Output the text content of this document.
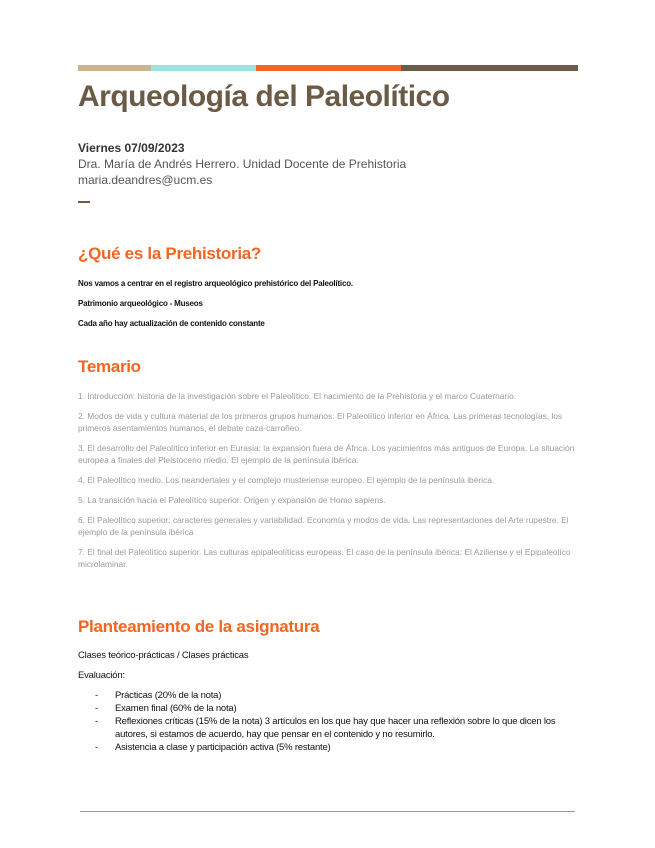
Arqueología del Paleolítico
Viernes 07/09/2023
Dra. María de Andrés Herrero. Unidad Docente de Prehistoria
maria.deandres@ucm.es
¿Qué es la Prehistoria?
Nos vamos a centrar en el registro arqueológico prehistórico del Paleolítico.
Patrimonio arqueológico - Museos
Cada año hay actualización de contenido constante
Temario
1. Introducción: historia de la investigación sobre el Paleolítico. El nacimiento de la Prehistoria y el marco Cuaternario.
2. Modos de vida y cultura material de los primeros grupos humanos: El Paleolítico inferior en África. Las primeras tecnologías, los primeros asentamientos humanos, el debate caza-carroñeo.
3. El desarrollo del Paleolítico inferior en Eurasia: la expansión fuera de África. Los yacimientos más antiguos de Europa. La situación europea a finales del Pleistoceno medio. El ejemplo de la península ibérica.
4. El Paleolítico medio. Los neandertales y el complejo musteriense europeo. El ejemplo de la península ibérica.
5. La transición hacia el Paleolítico superior. Origen y expansión de Homo sapiens.
6. El Paleolítico superior: caracteres generales y variabilidad. Economía y modos de vida. Las representaciones del Arte rupestre. El ejemplo de la península ibérica
7. El final del Paleolítico superior. Las culturas epipaleolíticas europeas. El caso de la península ibérica: El Aziliense y el Epipaleolíco microlaminar.
Planteamiento de la asignatura
Clases teórico-prácticas / Clases prácticas
Evaluación:
-	Prácticas (20% de la nota)
-	Examen final (60% de la nota)
-	Reflexiones críticas (15% de la nota) 3 artículos en los que hay que hacer una reflexión sobre lo que dicen los autores, si estamos de acuerdo, hay que pensar en el contenido y no resumirlo.
-	Asistencia a clase y participación activa (5% restante)
